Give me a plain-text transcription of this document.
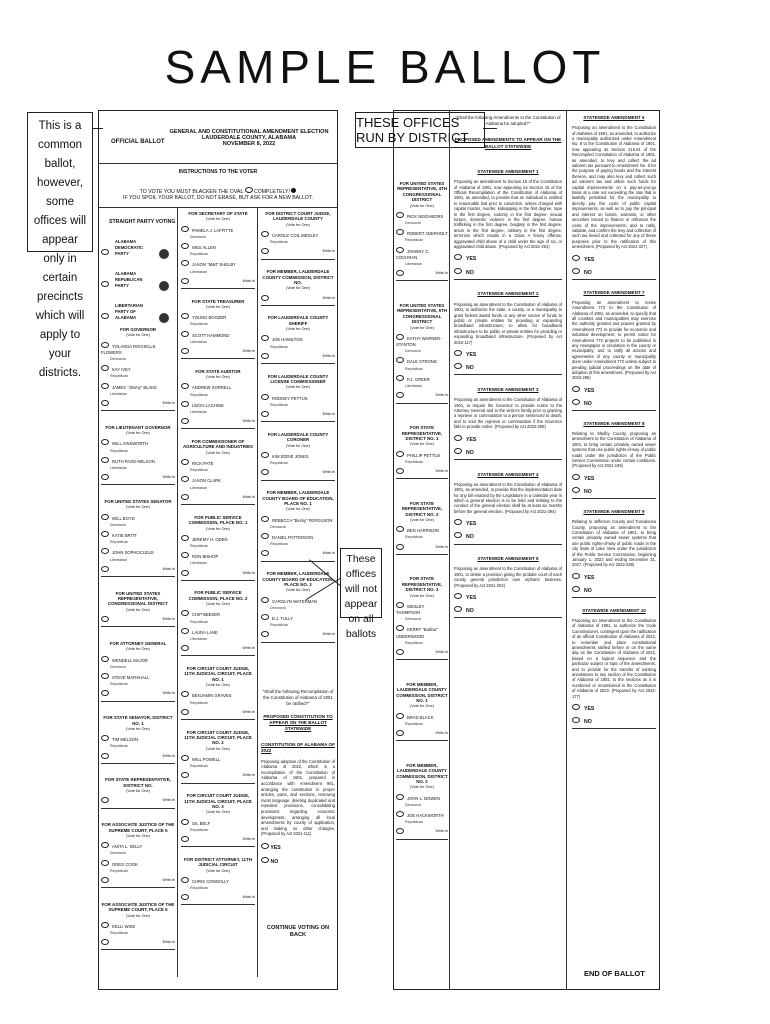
SAMPLE BALLOT
This is a common ballot, however, some offices will appear only in certain precincts which will apply to your districts.
THESE OFFICES RUN BY DISTRICT
These offices will not appear on all ballots
OFFICIAL BALLOT
GENERAL AND CONSTITUTIONAL AMENDMENT ELECTION
LAUDERDALE COUNTY, ALABAMA
NOVEMBER 8, 2022
INSTRUCTIONS TO THE VOTER
TO VOTE YOU MUST BLACKEN THE OVAL COMPLETELY!
IF YOU SPOIL YOUR BALLOT, DO NOT ERASE, BUT ASK FOR A NEW BALLOT.
STRAIGHT PARTY VOTING
ALABAMA DEMOCRATIC PARTY
ALABAMA REPUBLICAN PARTY
LIBERTARIAN PARTY OF ALABAMA
FOR GOVERNOR
(Vote for One)
YOLANDA ROCHELLE FLOWERS
Democrat
KAY IVEY
Republican
JAMES "Jimmy" BLAKE
Libertarian
Write-In
FOR LIEUTENANT GOVERNOR
(Vote for One)
WILL AINSWORTH
Republican
RUTH PAGE-NELSON
Libertarian
Write-In
FOR UNITED STATES SENATOR
(Vote for One)
WILL BOYD
Democrat
KATIE BRITT
Republican
JOHN SOPHOCLEUS
Libertarian
Write-In
FOR UNITED STATES REPRESENTATIVE, CONGRESSIONAL DISTRICT
(Vote for One)
Write-In
FOR ATTORNEY GENERAL
(Vote for One)
WENDELL MAJOR
Democrat
STEVE MARSHALL
Republican
Write-In
FOR STATE SENATOR, DISTRICT NO. 1
(Vote for One)
TIM MELSON
Republican
Write-In
FOR STATE REPRESENTATIVE, DISTRICT NO.
(Vote for One)
Write-In
FOR ASSOCIATE JUSTICE OF THE SUPREME COURT, PLACE 5
(Vote for One)
ANITA L. KELLY
Democrat
GREG COOK
Republican
Write-In
FOR ASSOCIATE JUSTICE OF THE SUPREME COURT, PLACE 6
(Vote for One)
KELLI WISE
Republican
Write-In
FOR SECRETARY OF STATE
(Vote for One)
PAMELA J. LAFFITTE
Democrat
WES ALLEN
Republican
JASON "Matt" SHELBY
Libertarian
Write-In
FOR STATE TREASURER
(Vote for One)
YOUNG BOOZER
Republican
SCOTT HAMMOND
Libertarian
Write-In
FOR STATE AUDITOR
(Vote for One)
ANDREW SORRELL
Republican
LEIGH LACHINE
Libertarian
Write-In
FOR COMMISSIONER OF AGRICULTURE AND INDUSTRIES
(Vote for One)
RICK PATE
Republican
JASON CLARK
Libertarian
Write-In
FOR PUBLIC SERVICE COMMISSION, PLACE NO. 1
(Vote for One)
JEREMY H. ODEN
Republican
RON BISHOP
Libertarian
Write-In
FOR PUBLIC SERVICE COMMISSION, PLACE NO. 2
(Vote for One)
CHIP BEEKER
Republican
LAURA LANE
Libertarian
Write-In
FOR CIRCUIT COURT JUDGE, 11TH JUDICIAL CIRCUIT, PLACE NO. 1
(Vote for One)
BENJAMIN GRAVES
Republican
Write-In
FOR CIRCUIT COURT JUDGE, 11TH JUDICIAL CIRCUIT, PLACE NO. 2
(Vote for One)
WILL POWELL
Republican
Write-In
FOR CIRCUIT COURT JUDGE, 11TH JUDICIAL CIRCUIT, PLACE NO. 3
(Vote for One)
GIL BELF
Republican
Write-In
FOR DISTRICT ATTORNEY, 11TH JUDICIAL CIRCUIT
(Vote for One)
CHRIS CONNOLLY
Republican
Write-In
FOR DISTRICT COURT JUDGE, LAUDERDALE COUNTY
(Vote for One)
CAROLE COIL MEDLEY
Republican
Write-In
FOR MEMBER, LAUDERDALE COUNTY COMMISSION, DISTRICT NO.
(Vote for One)
Write-In
FOR LAUDERDALE COUNTY SHERIFF
(Vote for One)
JOE HAMILTON
Republican
Write-In
FOR LAUDERDALE COUNTY LICENSE COMMISSIONER
(Vote for One)
RODNEY PETTUS
Republican
Write-In
FOR LAUDERDALE COUNTY CORONER
(Vote for One)
KIM EDDIE JONES
Republican
Write-In
FOR MEMBER, LAUDERDALE COUNTY BOARD OF EDUCATION, PLACE NO. 1
(Vote for One)
REBECCA "Becky" FERGUSON
Democrat
DANIEL PATTERSON
Republican
Write-In
FOR MEMBER, LAUDERDALE COUNTY BOARD OF EDUCATION, PLACE NO. 2
(Vote for One)
CAROLYN WATERMAN
Democrat
B.J. TULLY
Republican
Write-In
"Shall the following Recompilation of the Constitution of Alabama of 1901 be ratified?"
PROPOSED CONSTITUTION TO APPEAR ON THE BALLOT STATEWIDE
CONSTITUTION OF ALABAMA OF 2022
Proposing adoption of the Constitution of Alabama of 2022, which is a recompilation of the Constitution of Alabama of 1901, prepared in accordance with Amendment 951, arranging the constitution in proper articles, parts, and sections, removing racist language, deleting duplicated and repealed provisions, consolidating provisions regarding economic development, arranging all local amendments by county of application, and making no other changes. (Proposed by Act 2021-111)
YES
NO
CONTINUE VOTING ON BACK
FOR UNITED STATES REPRESENTATIVE, 4TH CONGRESSIONAL DISTRICT
(Vote for One)
RICK NEIGHBORS
Democrat
ROBERT ADERHOLT
Republican
JOHNNY C. COCHRAN
Libertarian
Write-In
FOR UNITED STATES REPRESENTATIVE, 5TH CONGRESSIONAL DISTRICT
(Vote for One)
KATHY WARNER-STANTON
Democrat
DALE STRONG
Republican
P.J. GREER
Libertarian
Write-In
FOR STATE REPRESENTATIVE, DISTRICT NO. 1
(Vote for One)
PHILLIP PETTUS
Republican
Write-In
FOR STATE REPRESENTATIVE, DISTRICT NO. 2
(Vote for One)
BEN HARRISON
Republican
Write-In
FOR STATE REPRESENTATIVE, DISTRICT NO. 3
(Vote for One)
WESLEY THOMPSON
Democrat
KERRY "Bubba" UNDERWOOD
Republican
Write-In
FOR MEMBER, LAUDERDALE COUNTY COMMISSION, DISTRICT NO. 1
(Vote for One)
BRAD BLACK
Republican
Write-In
FOR MEMBER, LAUDERDALE COUNTY COMMISSION, DISTRICT NO. 2
(Vote for One)
JOHN L. BOWEN
Democrat
JOE HACKWORTH
Republican
Write-In
"Shall the following Amendments to the Constitution of Alabama be adopted?"
PROPOSED AMENDMENTS TO APPEAR ON THE BALLOT STATEWIDE
STATEWIDE AMENDMENT 1
Proposing an amendment to Section 16 of the Constitution of Alabama of 1901, now appearing as Section 16 of the Official Recompilation of the Constitution of Alabama of 1901, as amended, to provide that an individual is entitled to reasonable bail prior to conviction, unless charged with capital murder, murder, kidnapping in the first degree, rape in the first degree, sodomy in the first degree, sexual torture, domestic violence in the first degree, human trafficking in the first degree, burglary in the first degree, arson in the first degree, robbery in the first degree, terrorism which results in a Class A felony offense, aggravated child abuse of a child under the age of six, or aggravated child abuse. (Proposed by Act 2021-291)
YES
NO
STATEWIDE AMENDMENT 2
Proposing an amendment to the Constitution of Alabama of 1901, to authorize the state, a county, or a municipality to grant federal award funds or any other source of funds to public or private entities for providing or expanding broadband infrastructure; to allow for broadband infrastructure to be public or private entities for providing or expanding broadband infrastructure. (Proposed by Act 2022-117)
YES
NO
STATEWIDE AMENDMENT 3
Proposing an amendment to the Constitution of Alabama of 1901, to require the Governor to provide notice to the Attorney General and to the victim's family prior to granting a reprieve or commutation to a person sentenced to death, and to void the reprieve or commutation if the Governor fails to provide notice. (Proposed by Act 2022-256)
YES
NO
STATEWIDE AMENDMENT 4
Proposing an amendment to the Constitution of Alabama of 1901, as amended, to provide that the implementation date for any bill enacted by the Legislature in a calendar year in which a general election is to be held and relating to the conduct of the general election shall be at least six months before the general election. (Proposed by Act 2021-394)
YES
NO
STATEWIDE AMENDMENT 5
Proposing an amendment to the Constitution of Alabama of 1901, to delete a provision giving the probate court of each county general jurisdiction over orphans' business. (Proposed by Act 2021-202)
YES
NO
STATEWIDE AMENDMENT 6
Proposing an amendment to the Constitution of Alabama of 1901, as amended, to authorize a municipality authorized under Amendment No. 8 to the Constitution of Alabama of 1901, now appearing as Section 216.01 of the Recompiled Constitution of Alabama of 1901, as amended, to levy and collect the ad valorem tax pursuant to Amendment No. 8 for the purpose of paying bonds and the interest thereon, and may also levy and collect such ad valorem tax and utilize such funds for capital improvements on a pay-as-you-go basis at a rate not exceeding the rate that is lawfully permitted for the municipality to directly pay the costs of public capital improvements, as well as to pay the principal and interest on bonds, warrants, or other securities issued to finance or refinance the costs of the improvements; and to ratify, validate, and confirm the levy and collection of such tax levied and collected for any of these purposes prior to the ratification of this amendment. (Proposed by Act 2021-327)
YES
NO
STATEWIDE AMENDMENT 7
Proposing an amendment to revise Amendment 772 to the Constitution of Alabama of 1901, as amended, to specify that all counties and municipalities may exercise the authority granted and powers granted by Amendment 772 to provide for economic and industrial development, to permit notice for Amendment 772 projects to be published in any newspaper in circulation in the county or municipality; and to ratify all actions and agreements of any county or municipality done under Amendment 772 unless subject to pending judicial proceedings on the date of adoption of this amendment. (Proposed by Act 2022-286)
YES
NO
STATEWIDE AMENDMENT 8
Relating to Shelby County, proposing an amendment to the Constitution of Alabama of 1901, to bring certain privately owned sewer systems that use public rights-of-way of public roads under the jurisdiction of the Public Service Commission under certain conditions. (Proposed by Act 2021-199)
YES
NO
STATEWIDE AMENDMENT 9
Relating to Jefferson County and Tuscaloosa County, proposing an amendment to the Constitution of Alabama of 1901, to bring certain privately owned sewer systems that use public rights-of-way of public roads in the city limits of Lake View under the jurisdiction of the Public Service Commission, beginning January 1, 2023 and ending December 31, 2027. (Proposed by Act 2022-280)
YES
NO
STATEWIDE AMENDMENT 10
Proposing an amendment to the Constitution of Alabama of 1901, to authorize the Code Commissioner, contingent upon the ratification of an official Constitution of Alabama of 2022, to renumber and place constitutional amendments ratified before or on the same day as the Constitution of Alabama of 2022, based on a logical sequence and the particular subject or topic of the amendments, and to provide for the transfer of existing annotations to any section of the Constitution of Alabama of 1901, to the sections as it is numbered or renumbered in the Constitution of Alabama of 2022. (Proposed by Act 2022-177)
YES
NO
END OF BALLOT
